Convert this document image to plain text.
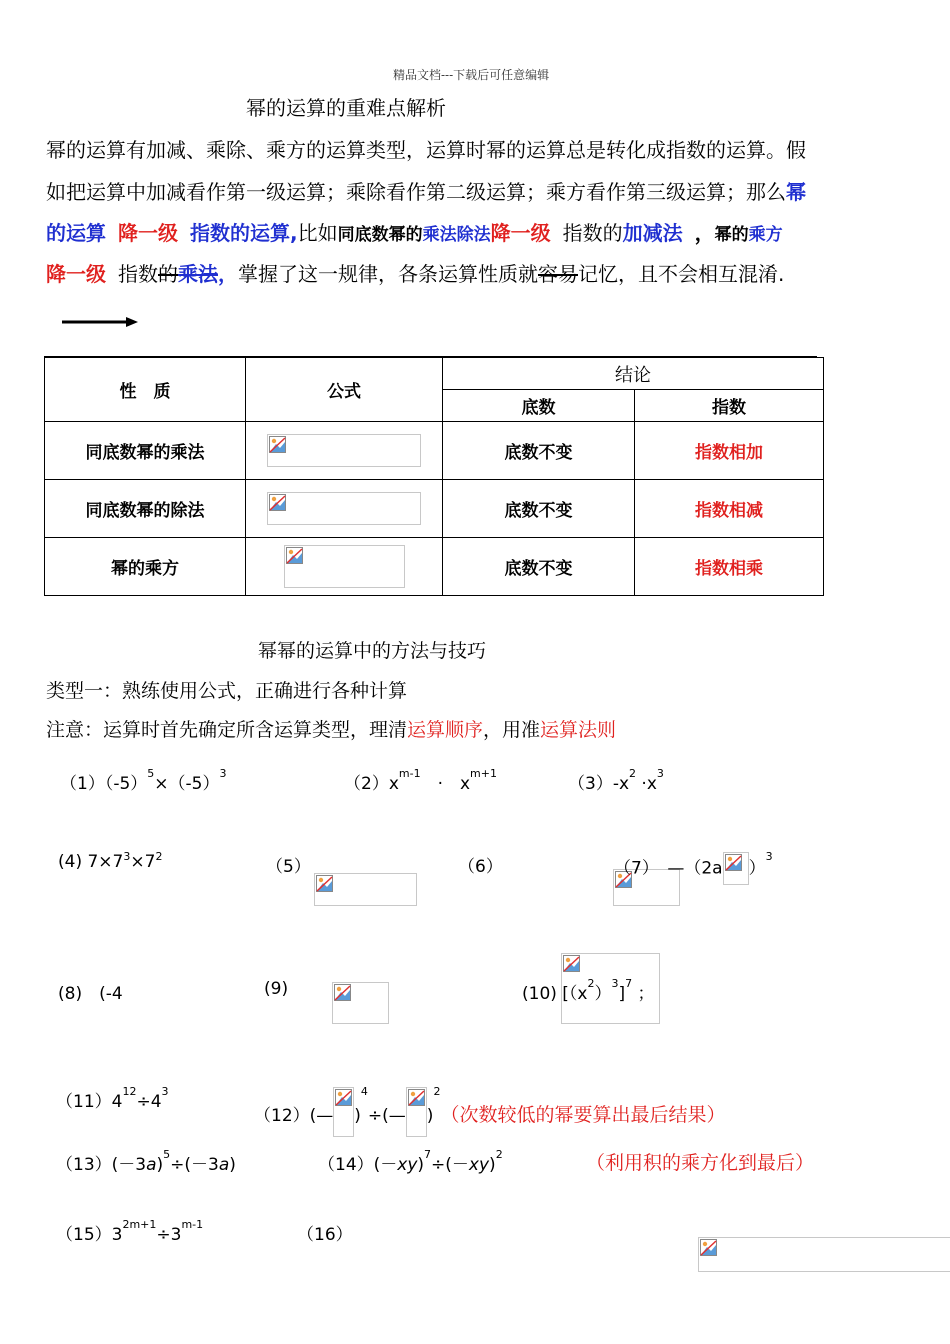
精品文档---下载后可任意编辑
幂的运算的重难点解析
幂的运算有加减、乘除、乘方的运算类型，运算时幂的运算总是转化成指数的运算。假
如把运算中加减看作第一级运算；乘除看作第二级运算；乘方看作第三级运算；那么幂
的运算 降一级 指数的运算,比如同底数幂的乘法除法降一级 指数的加减法 ，幂的乘方
降一级 指数的乘法，掌握了这一规律，各条运算性质就容易记忆，且不会相互混淆.
性　质	公式	结论	
		底数	指数
同底数幂的乘法		底数不变	指数相加
同底数幂的除法		底数不变	指数相减
幂的乘方		底数不变	指数相乘
幂幂的运算中的方法与技巧
类型一：熟练使用公式，正确进行各种计算
注意：运算时首先确定所含运算类型，理清运算顺序，用准运算法则
$(1)(-5)^5\times(-5)^3$
$(2)x^{m-1}$　·　$x^{m+1}$
$(3)-x^2 \cdot x^3$
(4) $7\times 7^3\times 7^2$
（5）
	（6）
	（7）　—（2a ）$^3$
(8)　(-4
	(9)
	(10) $[(x^2)^3]^7$ ；
$(11)4^{12}\div 4^3$
（12）(— )$^4$÷(— )$^2$（次数较低的幂要算出最后结果）
$(13)(-3a)^5\div(-3a)$	$(14)(-xy)^7\div(-xy)^2$	（利用积的乘方化到最后）
$(15)3^{2m+1}\div 3^{m-1}$
（16）
